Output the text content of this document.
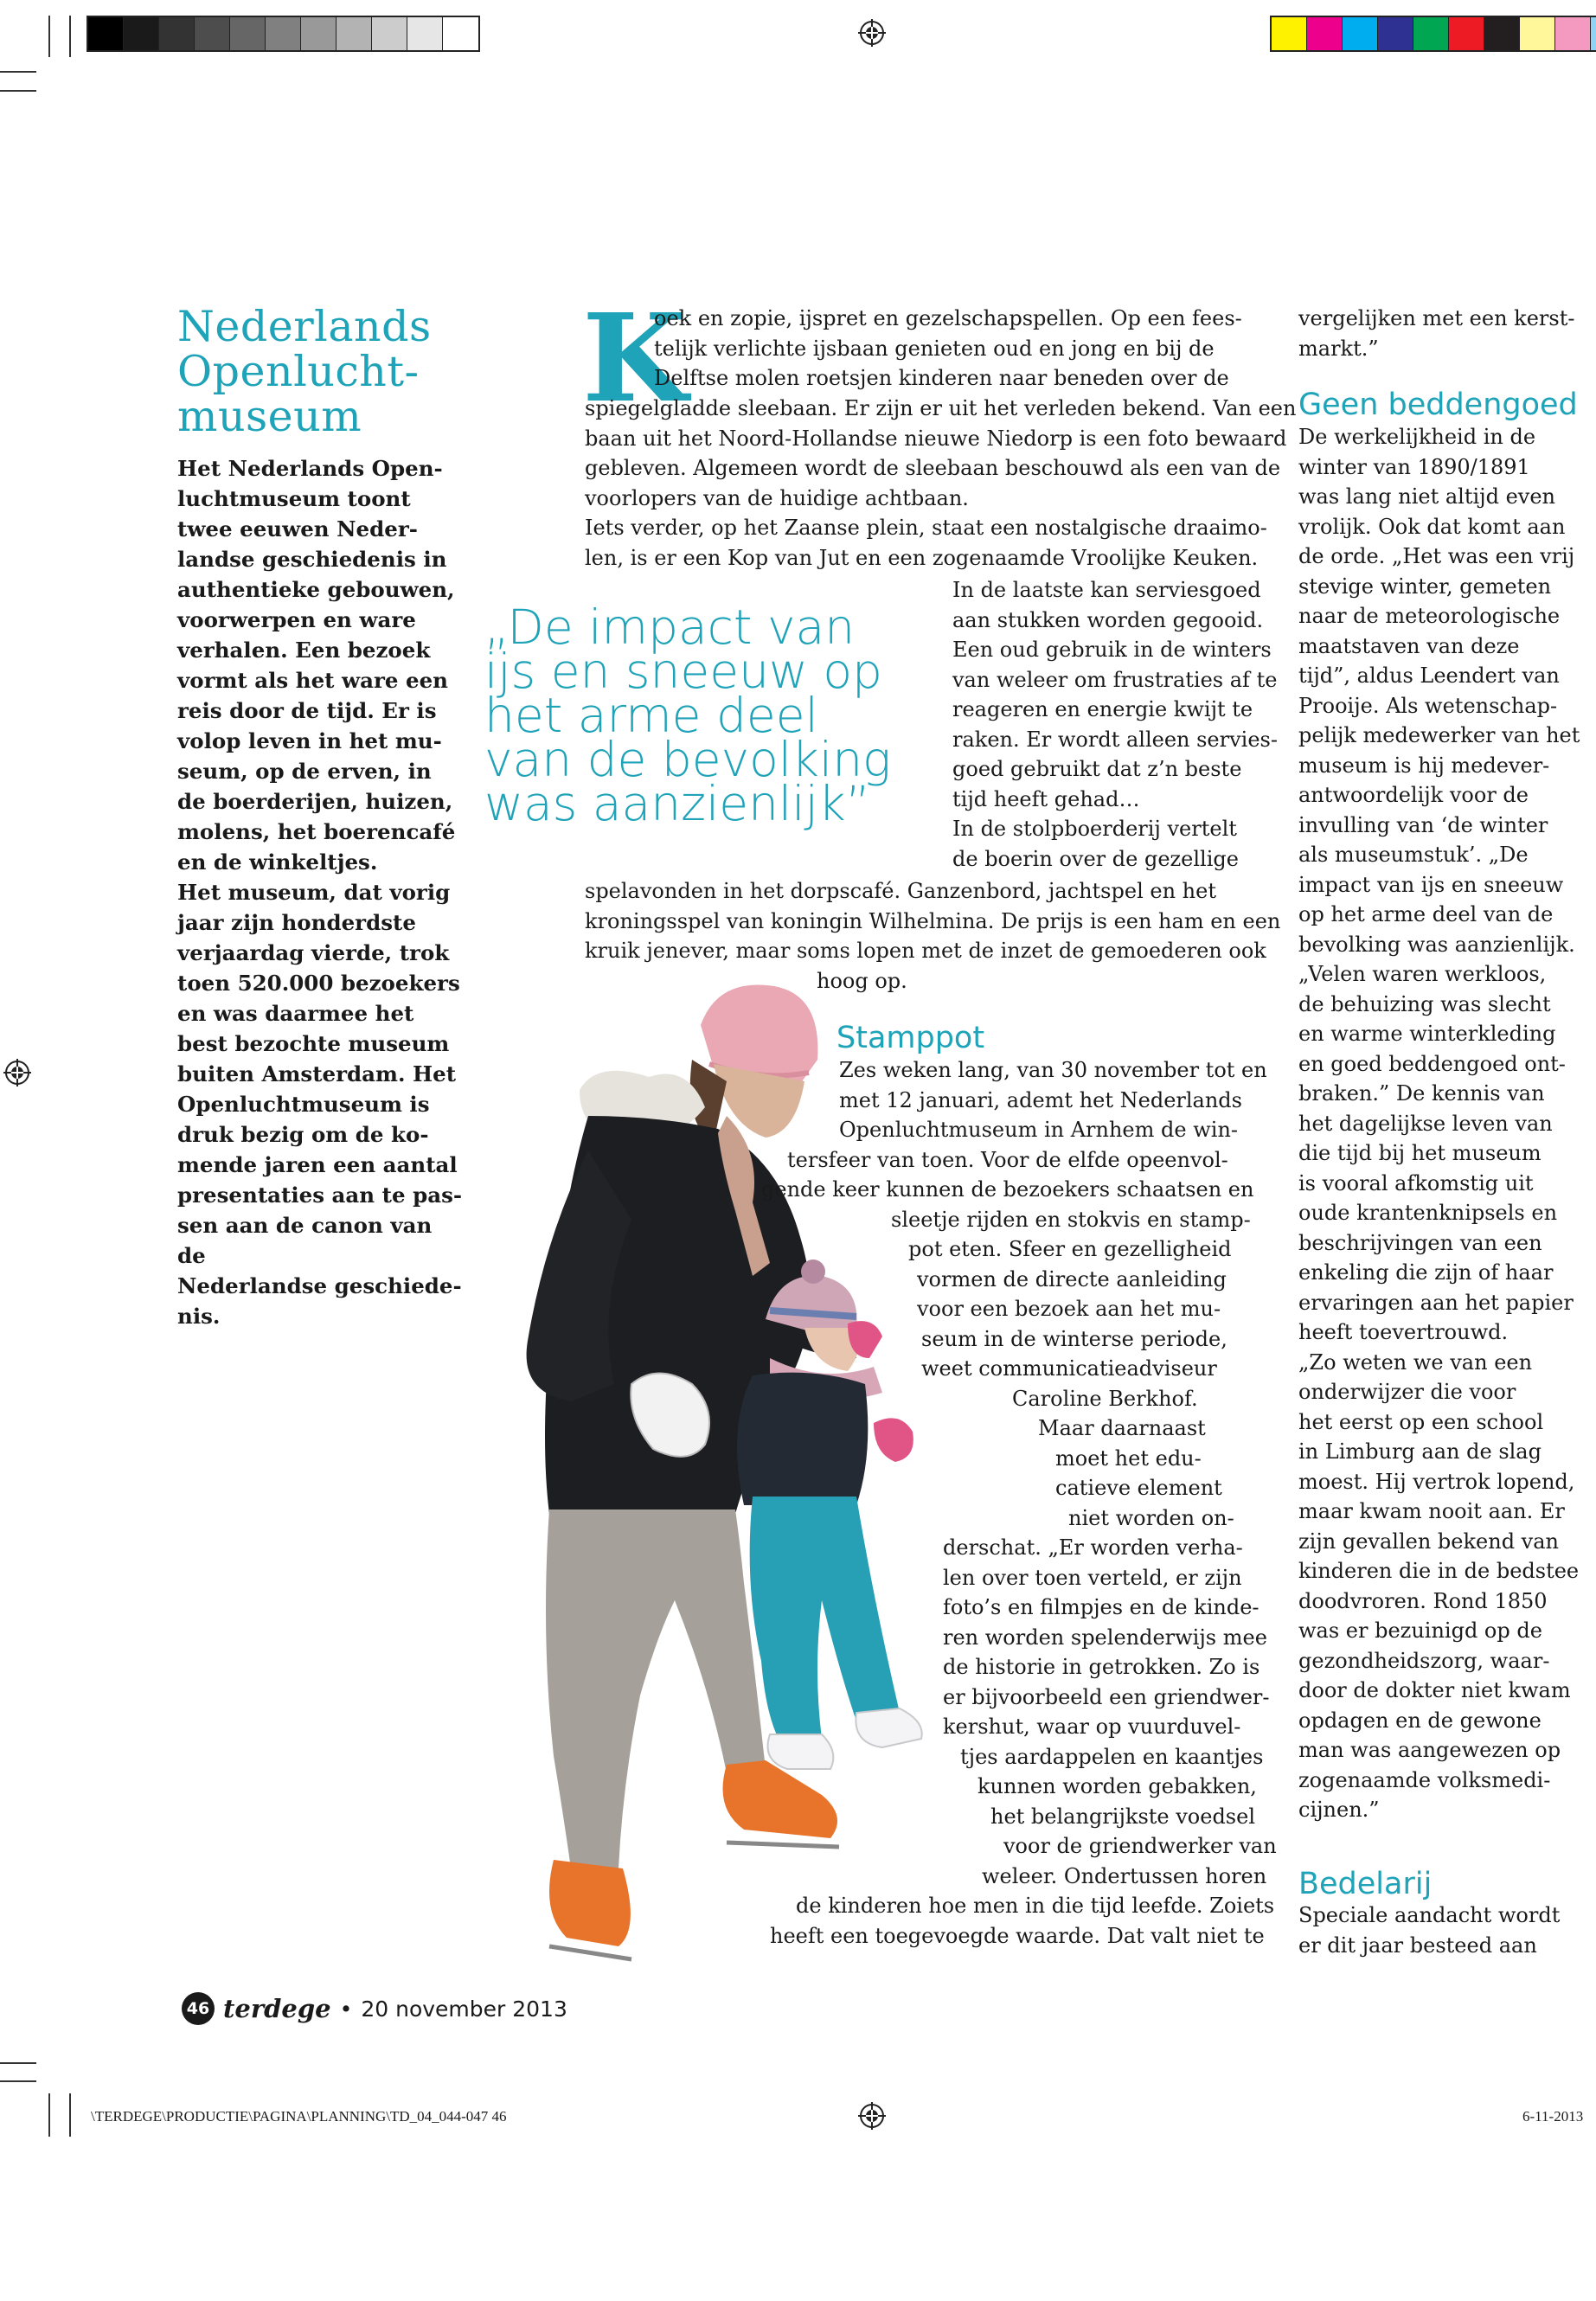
Nederlands
Openlucht-
museum
Het Nederlands Open-
luchtmuseum toont
twee eeuwen Neder-
landse geschiedenis in
authentieke gebouwen,
voorwerpen en ware
verhalen. Een bezoek
vormt als het ware een
reis door de tijd. Er is
volop leven in het mu-
seum, op de erven, in
de boerderijen, huizen,
molens, het boerencafé
en de winkeltjes.
Het museum, dat vorig
jaar zijn honderdste
verjaardag vierde, trok
toen 520.000 bezoekers
en was daarmee het
best bezochte museum
buiten Amsterdam. Het
Openluchtmuseum is
druk bezig om de ko-
mende jaren een aantal
presentaties aan te pas-
sen aan de canon van de
Nederlandse geschiede-
nis.
K
oek en zopie, ijspret en gezelschapspellen. Op een fees-
telijk verlichte ijsbaan genieten oud en jong en bij de
Delftse molen roetsjen kinderen naar beneden over de
spiegelgladde sleebaan. Er zijn er uit het verleden bekend. Van een
baan uit het Noord-Hollandse nieuwe Niedorp is een foto bewaard
gebleven. Algemeen wordt de sleebaan beschouwd als een van de
voorlopers van de huidige achtbaan.
Iets verder, op het Zaanse plein, staat een nostalgische draaimo-
len, is er een Kop van Jut en een zogenaamde Vroolijke Keuken.
„De impact van
ijs en sneeuw op
het arme deel
van de bevolking
was aanzienlijk”
In de laatste kan serviesgoed
aan stukken worden gegooid.
Een oud gebruik in de winters
van weleer om frustraties af te
reageren en energie kwijt te
raken. Er wordt alleen servies-
goed gebruikt dat z’n beste
tijd heeft gehad…
In de stolpboerderij vertelt
de boerin over de gezellige
spelavonden in het dorpscafé. Ganzenbord, jachtspel en het
kroningsspel van koningin Wilhelmina. De prijs is een ham en een
kruik jenever, maar soms lopen met de inzet de gemoederen ook
hoog op.
Stamppot
Zes weken lang, van 30 november tot en
met 12 januari, ademt het Nederlands
Openluchtmuseum in Arnhem de win-
tersfeer van toen. Voor de elfde opeenvol-
gende keer kunnen de bezoekers schaatsen en
sleetje rijden en stokvis en stamp-
pot eten. Sfeer en gezelligheid
vormen de directe aanleiding
voor een bezoek aan het mu-
seum in de winterse periode,
weet communicatieadviseur
Caroline Berkhof.
Maar daarnaast
moet het edu-
catieve element
niet worden on-
derschat. „Er worden verha-
len over toen verteld, er zijn
foto’s en filmpjes en de kinde-
ren worden spelenderwijs mee
de historie in getrokken. Zo is
er bijvoorbeeld een griendwer-
kershut, waar op vuurduvel-
tjes aardappelen en kaantjes
kunnen worden gebakken,
het belangrijkste voedsel
voor de griendwerker van
weleer. Ondertussen horen
de kinderen hoe men in die tijd leefde. Zoiets
heeft een toegevoegde waarde. Dat valt niet te
vergelijken met een kerst-
markt.”
Geen beddengoed
De werkelijkheid in de
winter van 1890/1891
was lang niet altijd even
vrolijk. Ook dat komt aan
de orde. „Het was een vrij
stevige winter, gemeten
naar de meteorologische
maatstaven van deze
tijd”, aldus Leendert van
Prooije. Als wetenschap-
pelijk medewerker van het
museum is hij medever-
antwoordelijk voor de
invulling van ‘de winter
als museumstuk’. „De
impact van ijs en sneeuw
op het arme deel van de
bevolking was aanzienlijk.
„Velen waren werkloos,
de behuizing was slecht
en warme winterkleding
en goed beddengoed ont-
braken.” De kennis van
het dagelijkse leven van
die tijd bij het museum
is vooral afkomstig uit
oude krantenknipsels en
beschrijvingen van een
enkeling die zijn of haar
ervaringen aan het papier
heeft toevertrouwd.
„Zo weten we van een
onderwijzer die voor
het eerst op een school
in Limburg aan de slag
moest. Hij vertrok lopend,
maar kwam nooit aan. Er
zijn gevallen bekend van
kinderen die in de bedstee
doodvroren. Rond 1850
was er bezuinigd op de
gezondheidszorg, waar-
door de dokter niet kwam
opdagen en de gewone
man was aangewezen op
zogenaamde volksmedi-
cijnen.”
Bedelarij
Speciale aandacht wordt
er dit jaar besteed aan
46 terdege • 20 november 2013
\TERDEGE\PRODUCTIE\PAGINA\PLANNING\TD_04_044-047 46	6-11-2013
